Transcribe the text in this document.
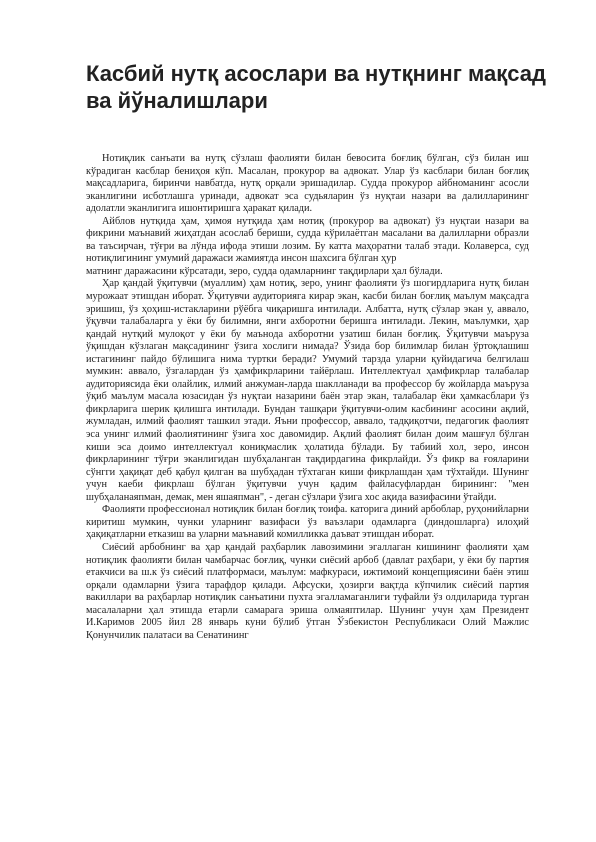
Касбий нутқ асослари ва нутқнинг мақсад ва йўналишлари

Нотиқлик санъати ва нутқ сўзлаш фаолияти билан бевосита боғлиқ бўлган, сўз билан иш кўрадиган касблар бениҳоя кўп. Масалан, прокурор ва адвокат. Улар ўз касблари билан боғлиқ мақсадларига, биринчи навбатда, нутқ орқали эришадилар. Судда прокурор айбноманинг асосли эканлигини исботлашга уринади, адвокат эса судьяларин ўз нуқтаи назари ва далилларининг адолатли эканлигига ишонтиришга ҳаракат қилади.

Айблов нутқида ҳам, ҳимоя нутқида ҳам нотиқ (прокурор ва адвокат) ўз нуқтаи назари ва фикрини маънавий жиҳатдан асослаб бериши, судда кўрилаётган масалани ва далилларни образли ва таъсирчан, тўғри ва лўнда ифода этиши лозим. Бу катта маҳоратни талаб этади. Колаверса, суд нотиқлигининг умумий даражаси жамиятда инсон шахсига бўлган ҳур

матнинг даражасини кўрсатади, зеро, судда одамларнинг тақдирлари ҳал бўлади.

Ҳар қандай ўқитувчи (муаллим) ҳам нотиқ, зеро, унинг фаолияти ўз шогирдларига нутқ билан мурожаат этишдан иборат. Ўқитувчи аудиторияга кирар экан, касби билан боғлиқ маълум мақсадга эришиш, ўз ҳоҳиш-истакларини рўёбга чиқаришга интилади. Албатта, нутқ сўзлар экан у, аввало, ўқувчи талабаларга у ёки бу билимни, янги ахборотни беришга интилади. Лекин, маълумки, ҳар қандай нутқий мулоқот у ёки бу маънода ахборотни узатиш билан боғлиқ. Ўқитувчи маъруза ўқишдан кўзлаган мақсадининг ўзига хослиги нимада? Ўзида бор билимлар билан ўртоқлашиш истагининг пайдо бўлишига нима туртки беради? Умумий тарзда уларни қуйидагича белгилаш мумкин: аввало, ўзгалардан ўз ҳамфикрларини тайёрлаш. Интеллектуал ҳамфикрлар талабалар аудиториясида ёки олайлик, илмий анжуман-ларда шаклланади ва профессор бу жойларда маъруза ўқиб маълум масала юзасидан ўз нуқтаи назарини баён этар экан, талабалар ёки ҳамкасблари ўз фикрларига шерик қилишга интилади. Бундан ташқари ўқитувчи-олим касбининг асосини ақлий, жумладан, илмий фаолият ташкил этади. Яъни профессор, аввало, тадқиқотчи, педагогик фаолият эса унинг илмий фаолиятининг ўзига хос давомидир. Ақлий фаолият билан доим машғул бўлган киши эса доимо интеллектуал кониқмаслик ҳолатида бўлади. Бу табиий хол, зеро, инсон фикрларининг тўғри эканлигидан шубҳаланган тақдирдагина фикрлайди. Ўз фикр ва ғояларини сўнгги ҳақиқат деб қабул қилган ва шубҳадан тўхтаган киши фикрлашдан ҳам тўхтайди. Шунинг учун каеби фикрлаш бўлган ўқитувчи учун қадим файласуфлардан бирининг: "мен шубҳаланаяпман, демак, мен яшаяпман", - деган сўзлари ўзига хос ақида вазифасини ўтайди.

Фаолияти профессионал нотиқлик билан боғлиқ тоифа. каторига диний арбоблар, руҳонийларни киритиш мумкин, чунки уларнинг вазифаси ўз ваъзлари одамларга (диндошларга) илоҳий ҳақиқатларни етказиш ва уларни маънавий комилликка даъват этишдан иборат.

Сиёсий арбобнинг ва ҳар қандай раҳбарлик лавозимини эгаллаган кишининг фаолияти ҳам нотиқлик фаолияти билан чамбарчас боғлиқ, чунки сиёсий арбоб (давлат раҳбари, у ёки бу партия етакчиси ва ш.к ўз сиёсий платформаси, маълум: мафкураси, ижтимоий концепциясини баён этиш орқали одамларни ўзига тарафдор қилади. Афсуски, ҳозирги вақтда кўпчилик сиёсий партия вакиллари ва раҳбарлар нотиқлик санъатини пухта эгалламаганлиги туфайли ўз олдиларида турган масалаларни ҳал этишда етарли самарага эриша олмаяптилар. Шунинг учун ҳам Президент И.Каримов 2005 йил 28 январь куни бўлиб ўтган Ўзбекистон Республикаси Олий Мажлис Қонунчилик палатаси ва Сенатининг
